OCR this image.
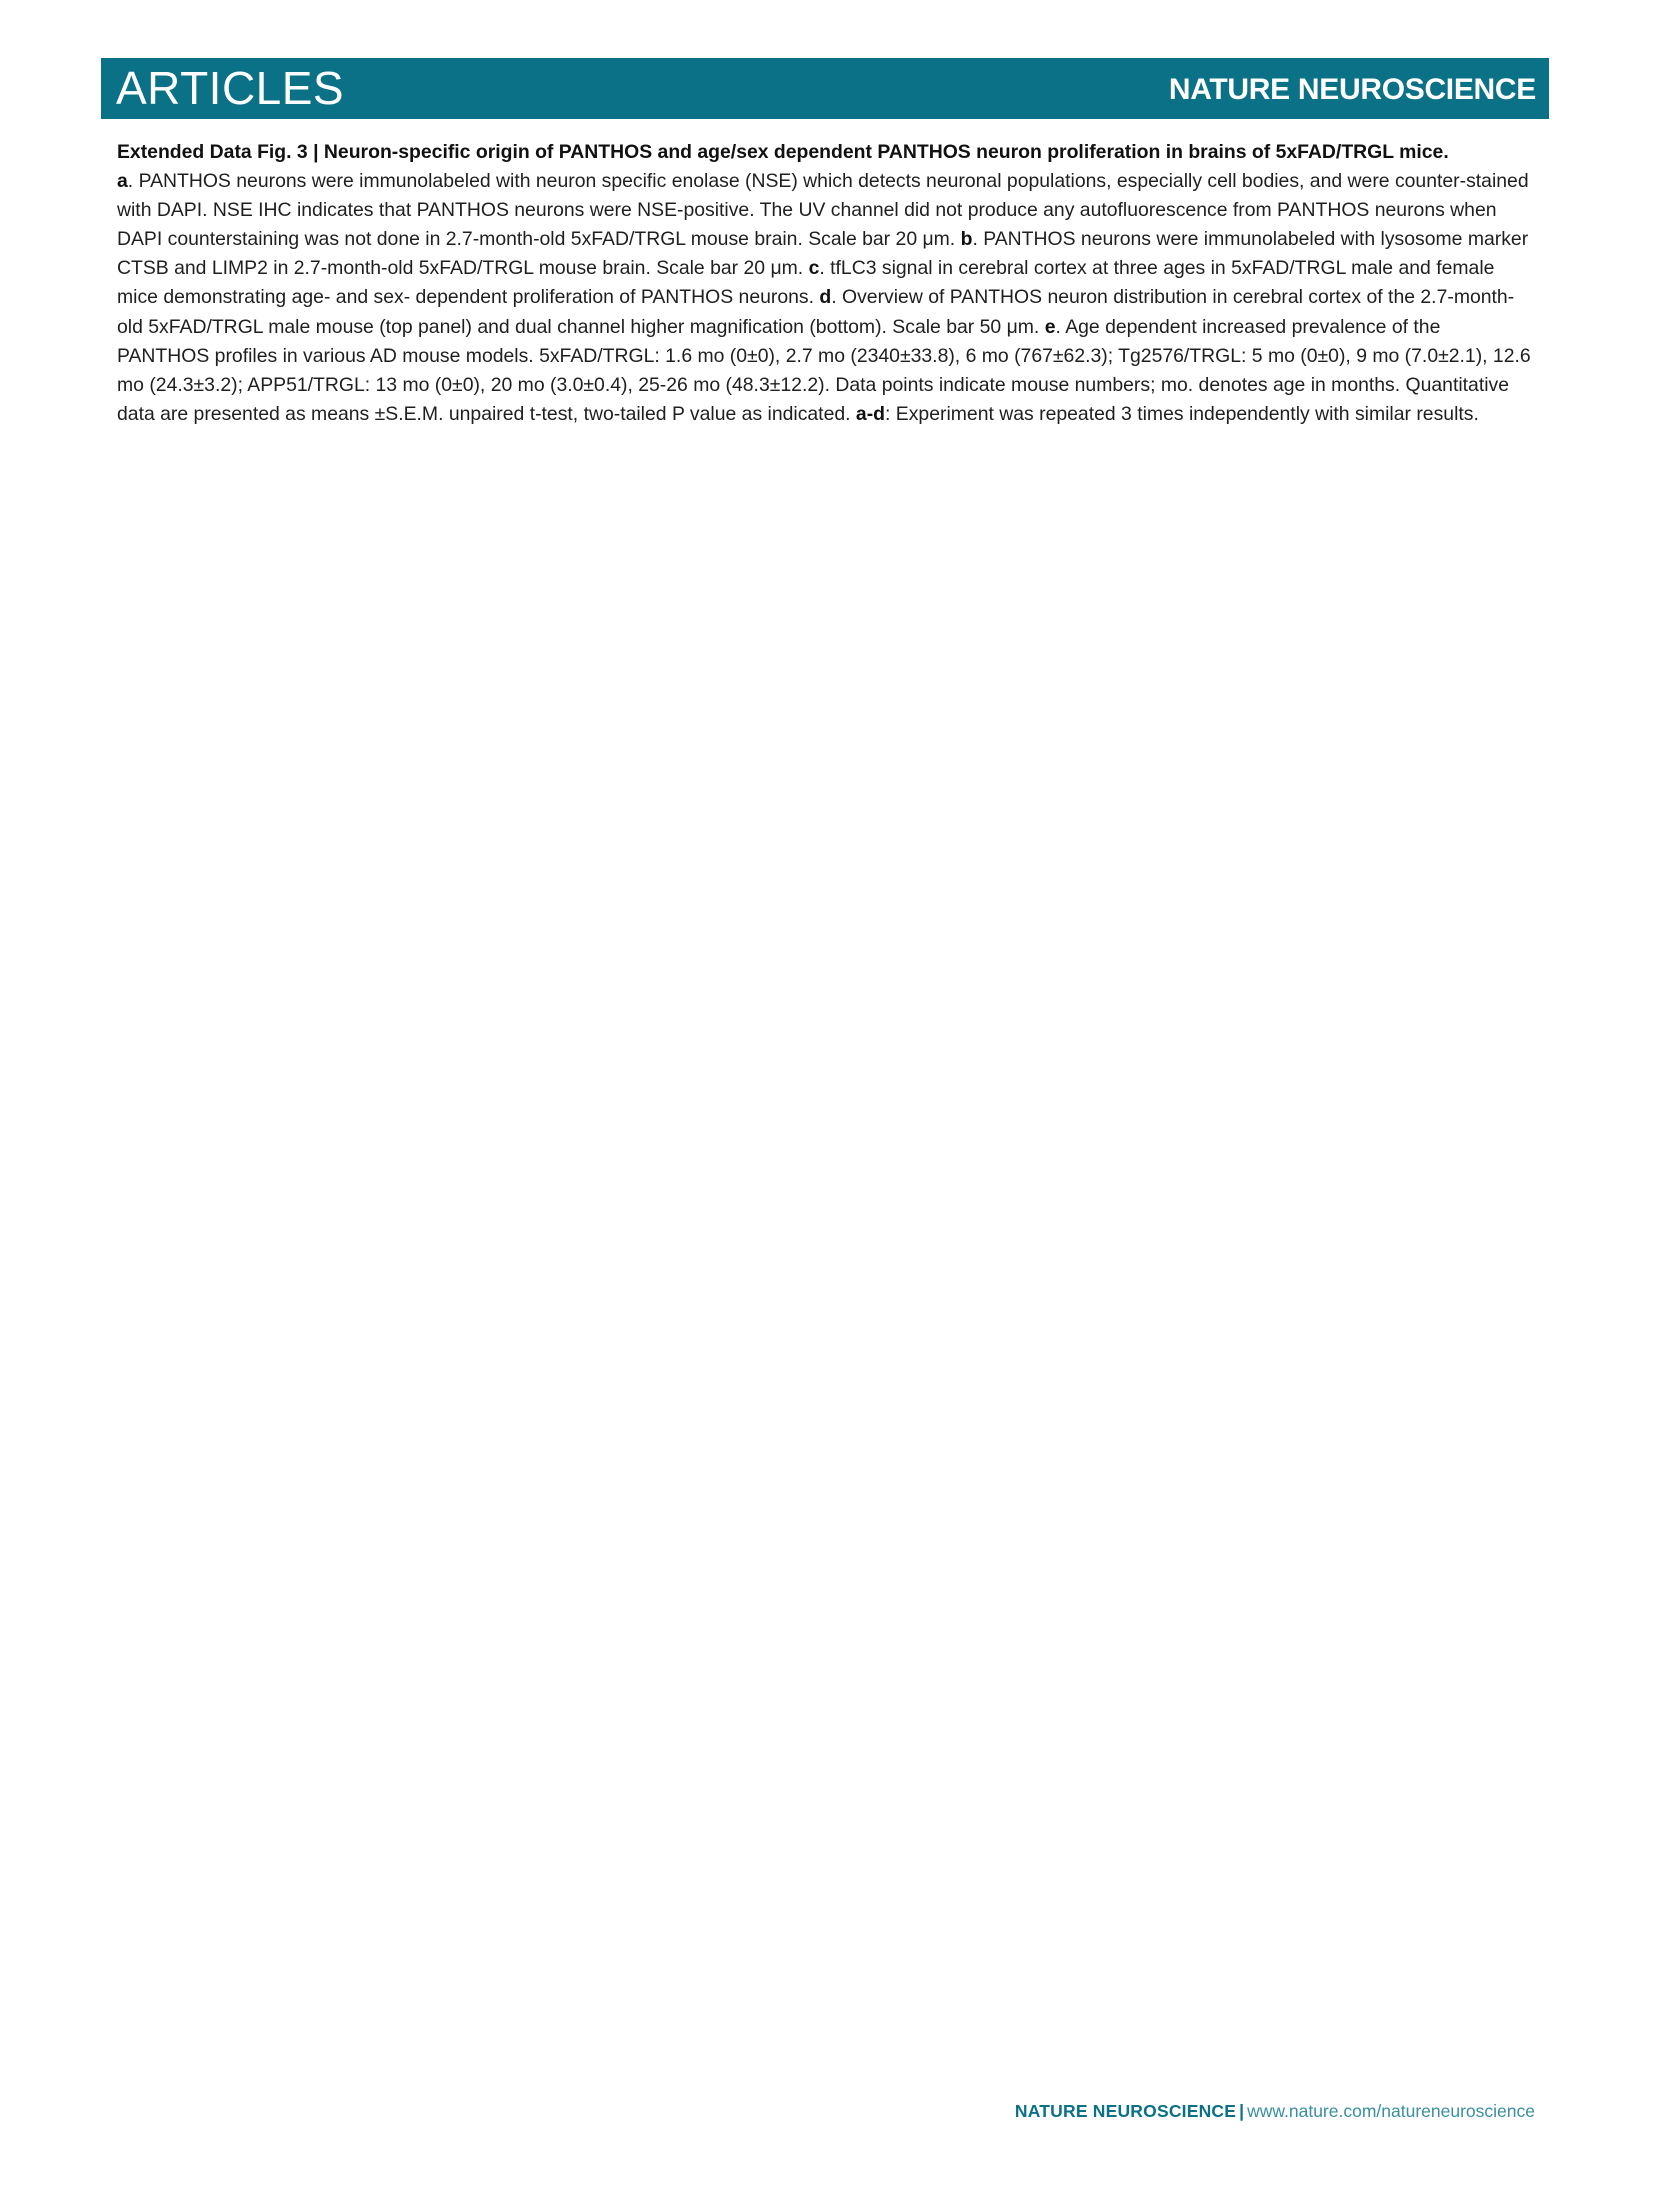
ARTICLES	NATURE NEUROSCIENCE
Extended Data Fig. 3 | Neuron-specific origin of PANTHOS and age/sex dependent PANTHOS neuron proliferation in brains of 5xFAD/TRGL mice.
a. PANTHOS neurons were immunolabeled with neuron specific enolase (NSE) which detects neuronal populations, especially cell bodies, and were counter-stained with DAPI. NSE IHC indicates that PANTHOS neurons were NSE-positive. The UV channel did not produce any autofluorescence from PANTHOS neurons when DAPI counterstaining was not done in 2.7-month-old 5xFAD/TRGL mouse brain. Scale bar 20 μm. b. PANTHOS neurons were immunolabeled with lysosome marker CTSB and LIMP2 in 2.7-month-old 5xFAD/TRGL mouse brain. Scale bar 20 μm. c. tfLC3 signal in cerebral cortex at three ages in 5xFAD/TRGL male and female mice demonstrating age- and sex- dependent proliferation of PANTHOS neurons. d. Overview of PANTHOS neuron distribution in cerebral cortex of the 2.7-month-old 5xFAD/TRGL male mouse (top panel) and dual channel higher magnification (bottom). Scale bar 50 μm. e. Age dependent increased prevalence of the PANTHOS profiles in various AD mouse models. 5xFAD/TRGL: 1.6 mo (0±0), 2.7 mo (2340±33.8), 6 mo (767±62.3); Tg2576/TRGL: 5 mo (0±0), 9 mo (7.0±2.1), 12.6 mo (24.3±3.2); APP51/TRGL: 13 mo (0±0), 20 mo (3.0±0.4), 25-26 mo (48.3±12.2). Data points indicate mouse numbers; mo. denotes age in months. Quantitative data are presented as means ±S.E.M. unpaired t-test, two-tailed P value as indicated. a-d: Experiment was repeated 3 times independently with similar results.
NATURE NEUROSCIENCE | www.nature.com/natureneuroscience
